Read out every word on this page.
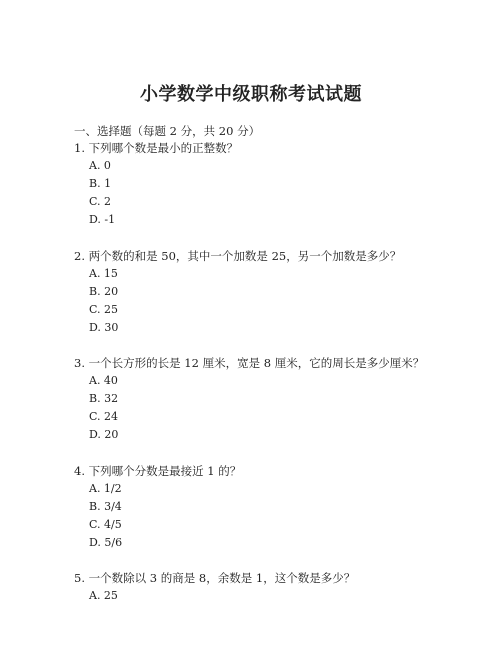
小学数学中级职称考试试题
一、选择题（每题 2 分，共 20 分）
1. 下列哪个数是最小的正整数？
A. 0
B. 1
C. 2
D. -1
2. 两个数的和是 50，其中一个加数是 25，另一个加数是多少？
A. 15
B. 20
C. 25
D. 30
3. 一个长方形的长是 12 厘米，宽是 8 厘米，它的周长是多少厘米？
A. 40
B. 32
C. 24
D. 20
4. 下列哪个分数是最接近 1 的？
A. 1/2
B. 3/4
C. 4/5
D. 5/6
5. 一个数除以 3 的商是 8，余数是 1，这个数是多少？
A. 25
